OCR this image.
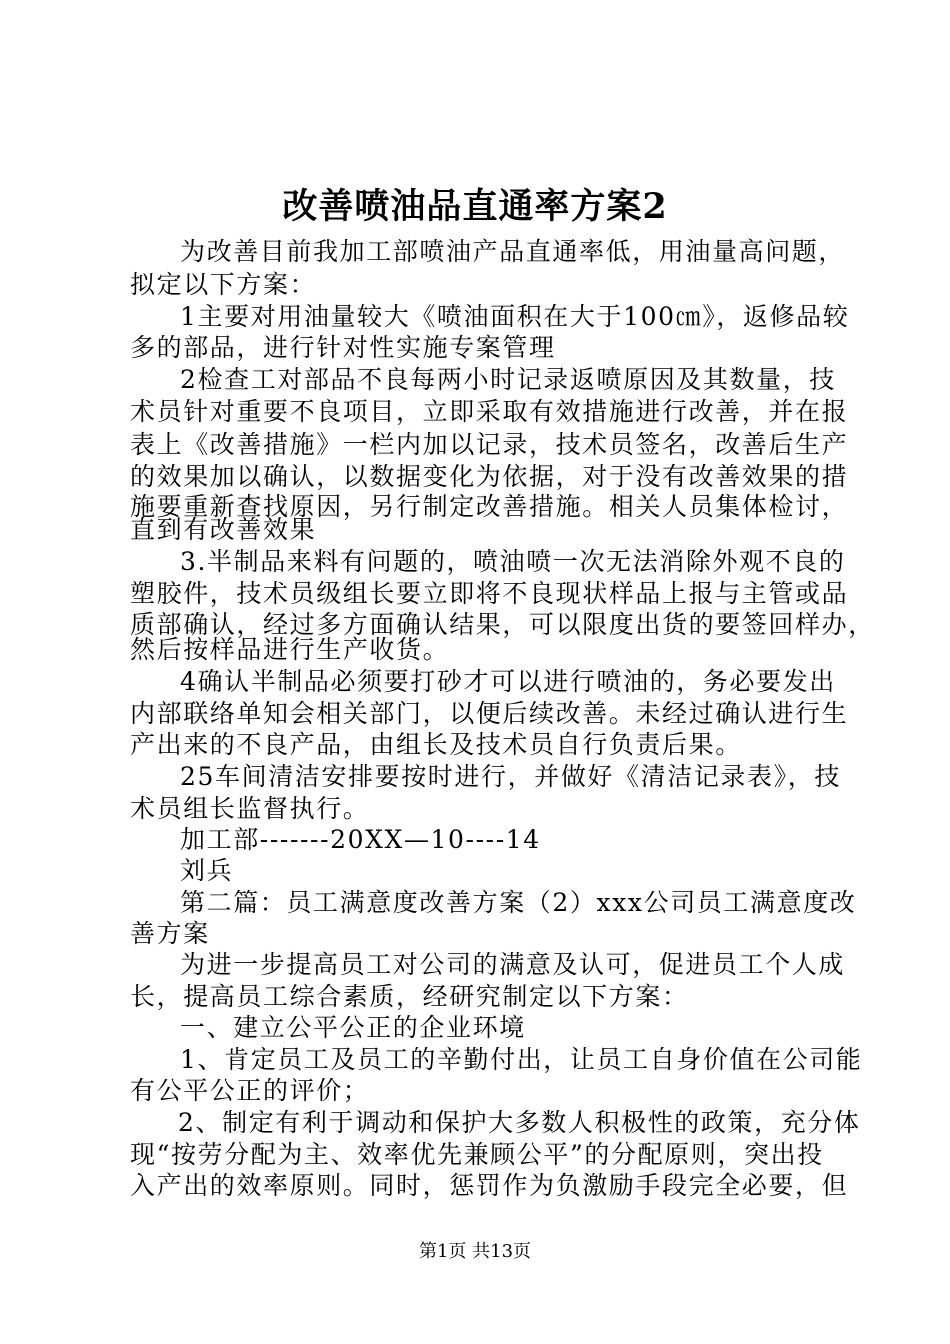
改善喷油品直通率方案2
为改善目前我加工部喷油产品直通率低，用油量高问题，
拟定以下方案：
1主要对用油量较大《喷油面积在大于100㎝》，返修品较
多的部品，进行针对性实施专案管理
2检查工对部品不良每两小时记录返喷原因及其数量，技
术员针对重要不良项目，立即采取有效措施进行改善，并在报
表上《改善措施》一栏内加以记录，技术员签名，改善后生产
的效果加以确认，以数据变化为依据，对于没有改善效果的措
施要重新查找原因，另行制定改善措施。相关人员集体检讨，
直到有改善效果
3.半制品来料有问题的，喷油喷一次无法消除外观不良的
塑胶件，技术员级组长要立即将不良现状样品上报与主管或品
质部确认，经过多方面确认结果，可以限度出货的要签回样办，
然后按样品进行生产收货。
4确认半制品必须要打砂才可以进行喷油的，务必要发出
内部联络单知会相关部门，以便后续改善。未经过确认进行生
产出来的不良产品，由组长及技术员自行负责后果。
25车间清洁安排要按时进行，并做好《清洁记录表》，技
术员组长监督执行。
加工部-------20XX—10----14
刘兵
第二篇：员工满意度改善方案（2）xxx公司员工满意度改
善方案
为进一步提高员工对公司的满意及认可，促进员工个人成
长，提高员工综合素质，经研究制定以下方案：
一、建立公平公正的企业环境
1、肯定员工及员工的辛勤付出，让员工自身价值在公司能
有公平公正的评价；
2、制定有利于调动和保护大多数人积极性的政策，充分体
现“按劳分配为主、效率优先兼顾公平”的分配原则，突出投
入产出的效率原则。同时，惩罚作为负激励手段完全必要，但
第1页 共13页
